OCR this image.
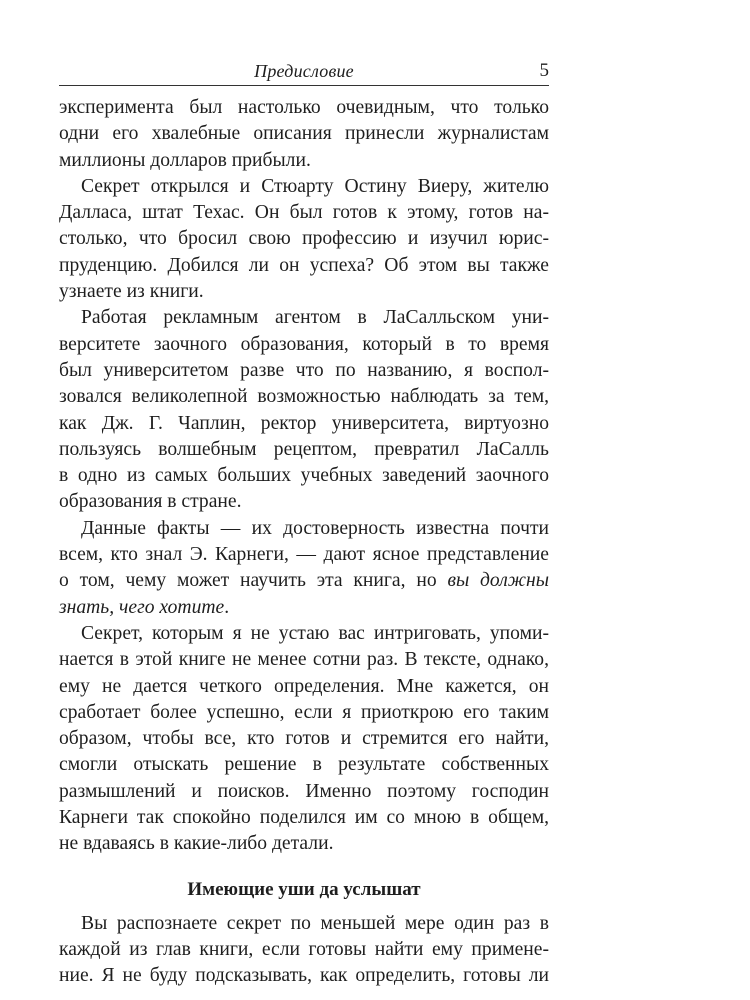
Предисловие	5
эксперимента был настолько очевидным, что только
одни его хвалебные описания принесли журналистам
миллионы долларов прибыли.
Секрет открылся и Стюарту Остину Виеру, жителю
Далласа, штат Техас. Он был готов к этому, готов на-
столько, что бросил свою профессию и изучил юрис-
пруденцию. Добился ли он успеха? Об этом вы также
узнаете из книги.
Работая рекламным агентом в ЛаСалльском уни-
верситете заочного образования, который в то время
был университетом разве что по названию, я воспол-
зовался великолепной возможностью наблюдать за тем,
как Дж. Г. Чаплин, ректор университета, виртуозно
пользуясь волшебным рецептом, превратил ЛаСалль
в одно из самых больших учебных заведений заочного
образования в стране.
Данные факты — их достоверность известна почти
всем, кто знал Э. Карнеги, — дают ясное представление
о том, чему может научить эта книга, но вы должны
знать, чего хотите.
Секрет, которым я не устаю вас интриговать, упоми-
нается в этой книге не менее сотни раз. В тексте, однако,
ему не дается четкого определения. Мне кажется, он
сработает более успешно, если я приоткрою его таким
образом, чтобы все, кто готов и стремится его найти,
смогли отыскать решение в результате собственных
размышлений и поисков. Именно поэтому господин
Карнеги так спокойно поделился им со мною в общем,
не вдаваясь в какие-либо детали.
Имеющие уши да услышат
Вы распознаете секрет по меньшей мере один раз в
каждой из глав книги, если готовы найти ему примене-
ние. Я не буду подсказывать, как определить, готовы ли
